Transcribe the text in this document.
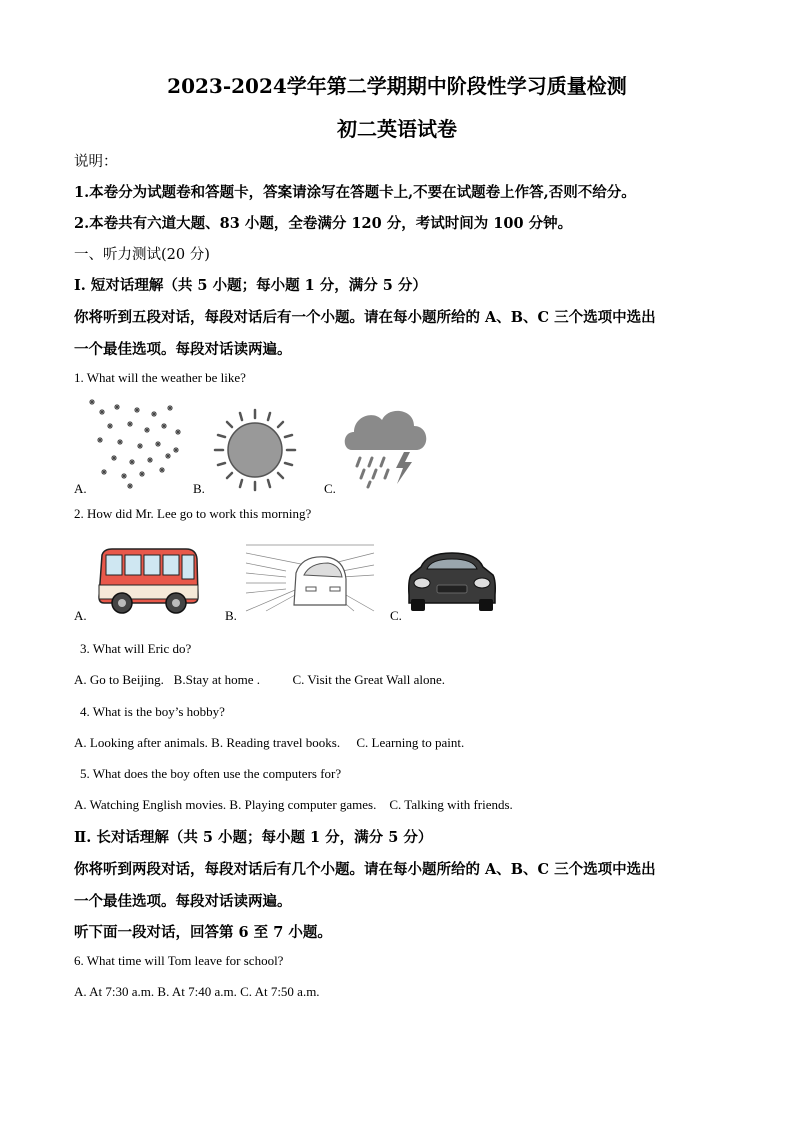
2023-2024学年第二学期期中阶段性学习质量检测
初二英语试卷
说明：
1.本卷分为试题卷和答题卡，答案请涂写在答题卡上,不要在试题卷上作答,否则不给分。
2.本卷共有六道大题、83 小题，全卷满分 120 分，考试时间为 100 分钟。
一、听力测试(20 分)
Ⅰ. 短对话理解（共 5 小题；每小题 1 分，满分 5 分）
你将听到五段对话，每段对话后有一个小题。请在每小题所给的 A、B、C 三个选项中选出
一个最佳选项。每段对话读两遍。
1. What will the weather be like?
A.	B.	C.
2. How did Mr. Lee go to work this morning?
A.	B.	C.
3. What will Eric do?
A. Go to Beijing.   B.Stay at home .          C. Visit the Great Wall alone.
4. What is the boy’s hobby?
A. Looking after animals. B. Reading travel books.     C. Learning to paint.
5. What does the boy often use the computers for?
A. Watching English movies. B. Playing computer games.    C. Talking with friends.
Ⅱ. 长对话理解（共 5 小题；每小题 1 分，满分 5 分）
你将听到两段对话，每段对话后有几个小题。请在每小题所给的 A、B、C 三个选项中选出
一个最佳选项。每段对话读两遍。
听下面一段对话，回答第 6 至 7 小题。
6. What time will Tom leave for school?
A. At 7:30 a.m. B. At 7:40 a.m. C. At 7:50 a.m.
